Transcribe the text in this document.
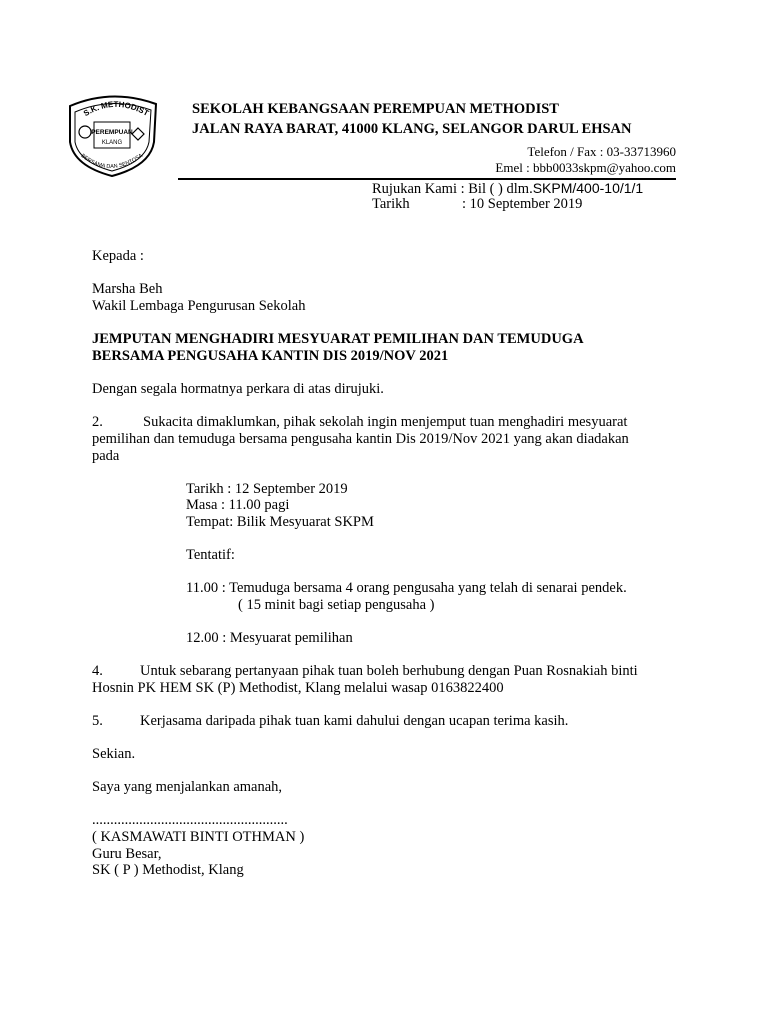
S.K. METHODIST
PEREMPUAN
KLANG
BERSAMA DAN SENTOSA
SEKOLAH KEBANGSAAN PEREMPUAN METHODIST
JALAN RAYA BARAT, 41000 KLANG, SELANGOR DARUL EHSAN
Telefon / Fax : 03-33713960
Emel : bbb0033skpm@yahoo.com
Rujukan Kami : Bil ( ) dlm.SKPM/400-10/1/1
Tarikh	: 10 September 2019
Kepada :
Marsha Beh
Wakil Lembaga Pengurusan Sekolah
JEMPUTAN MENGHADIRI MESYUARAT PEMILIHAN DAN TEMUDUGA
BERSAMA PENGUSAHA KANTIN DIS 2019/NOV 2021
Dengan segala hormatnya perkara di atas dirujuki.
2.	Sukacita dimaklumkan, pihak sekolah ingin menjemput tuan menghadiri mesyuarat
pemilihan dan temuduga bersama pengusaha kantin Dis 2019/Nov 2021 yang akan diadakan
pada
Tarikh : 12 September 2019
Masa : 11.00 pagi
Tempat: Bilik Mesyuarat SKPM
Tentatif:
11.00 : Temuduga bersama 4 orang pengusaha yang telah di senarai pendek.
( 15 minit bagi setiap pengusaha )
12.00 : Mesyuarat pemilihan
4.	Untuk sebarang pertanyaan pihak tuan boleh berhubung dengan Puan Rosnakiah binti
Hosnin PK HEM SK (P) Methodist, Klang melalui wasap 0163822400
5.	Kerjasama daripada pihak tuan kami dahului dengan ucapan terima kasih.
Sekian.
Saya yang menjalankan amanah,
......................................................
( KASMAWATI BINTI OTHMAN )
Guru Besar,
SK ( P ) Methodist, Klang
